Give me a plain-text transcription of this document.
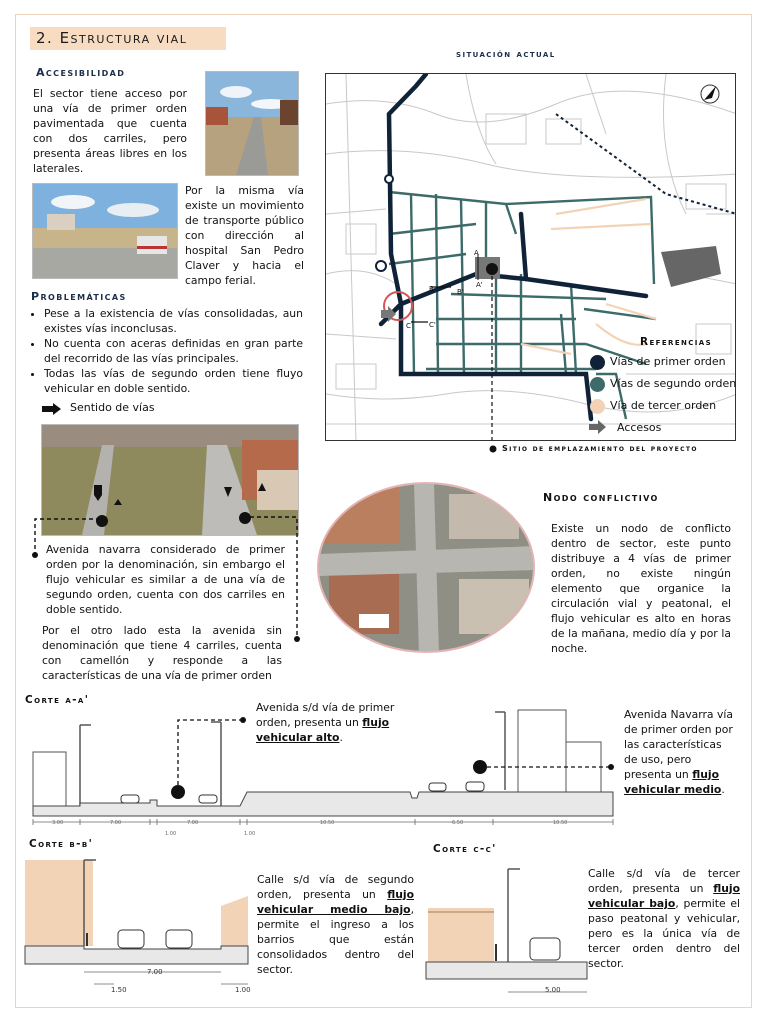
2. Estructura vial
Accesibilidad
El sector tiene acceso por una vía de primer orden pavimentada que cuenta con dos carriles, pero presenta áreas libres en los laterales.
Por la misma vía existe un movimiento de transporte público con dirección al hospital San Pedro Claver y hacia el campo ferial.
Problemáticas
• Pese a la existencia de vías consolidadas, aun existes vías inconclusas.
• No cuenta con aceras definidas en gran parte del recorrido de las vías principales.
• Todas las vías de segundo orden tiene fluyo vehicular en doble sentido.
Sentido de vías
Avenida navarra considerado de primer orden por la denominación, sin embargo el flujo vehicular es similar a de una vía de segundo orden, cuenta con dos carriles en doble sentido.
Por el otro lado esta la avenida sin denominación que tiene 4 carriles, cuenta con camellón y responde a las características de una vía de primer orden
situación actual
A
A'
B	B'
C	C'
Referencias
Vías de primer orden
Vías de segundo orden
Vía de tercer orden
Accesos
Sitio de emplazamiento del proyecto
Nodo conflictivo
Existe un nodo de conflicto dentro de sector, este punto distribuye a 4 vías de primer orden, no existe ningún elemento que organice la circulación vial y peatonal, el flujo vehicular es alto en horas de la mañana, medio día y por la noche.
Corte a-a'
Avenida s/d vía de primer orden, presenta un flujo vehicular alto.
Avenida Navarra vía de primer orden por las características de uso, pero presenta un flujo vehicular medio.
3.00	7.00
1.00
7.00
1.00
10.50	6.50	10.50
Corte b-b'
7.00
1.50	1.00
Calle s/d vía de segundo orden, presenta un flujo vehicular medio bajo, permite el ingreso a los barrios que están consolidados dentro del sector.
Corte c-c'
5.00
Calle s/d vía de tercer orden, presenta un flujo vehicular bajo, permite el paso peatonal y vehicular, pero es la única vía de tercer orden dentro del sector.
